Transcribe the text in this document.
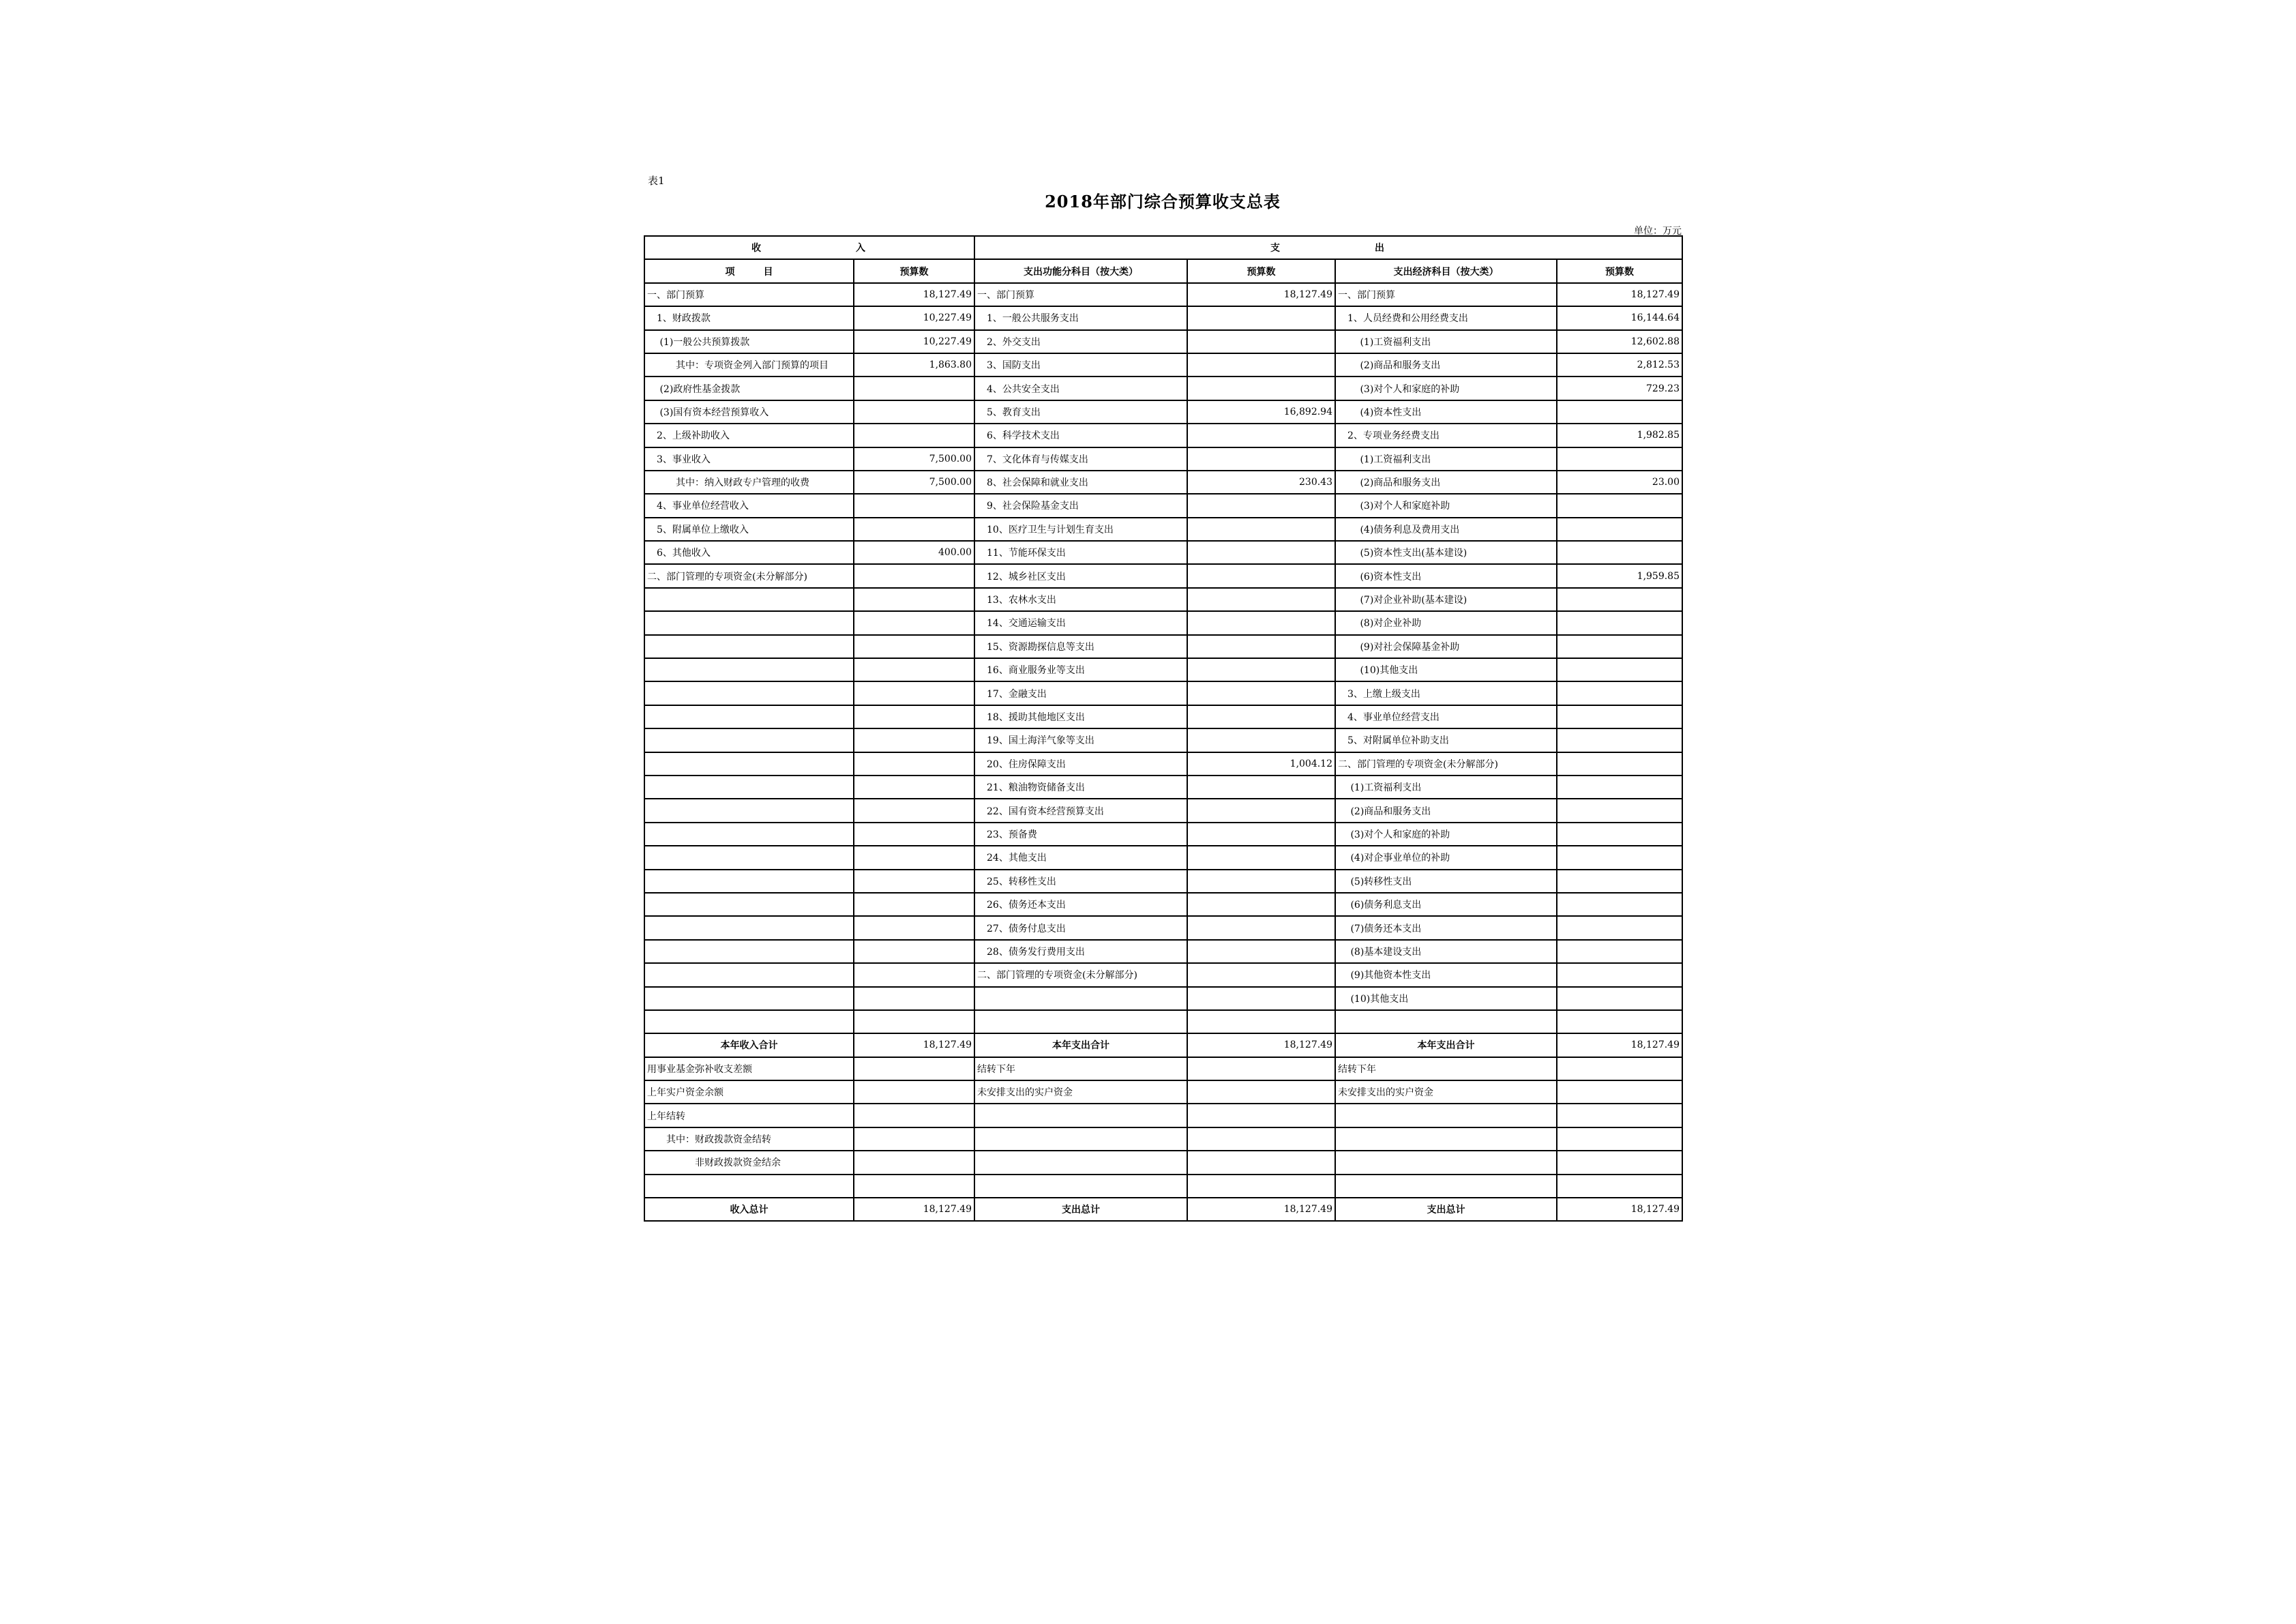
表1
2018年部门综合预算收支总表
单位：万元
收　　　　　　　　入		支　　　　　　　　出			
项　　　目	预算数	支出功能分科目（按大类）	预算数	支出经济科目（按大类）	预算数
一、部门预算	18,127.49	一、部门预算	18,127.49	一、部门预算	18,127.49
　1、财政拨款	10,227.49	　1、一般公共服务支出		　1、人员经费和公用经费支出	16,144.64
　 (1)一般公共预算拨款	10,227.49	　2、外交支出		　　 (1)工资福利支出	12,602.88
　　　其中：专项资金列入部门预算的项目	1,863.80	　3、国防支出		　　 (2)商品和服务支出	2,812.53
　 (2)政府性基金拨款		　4、公共安全支出		　　 (3)对个人和家庭的补助	729.23
　 (3)国有资本经营预算收入		　5、教育支出	16,892.94	　　 (4)资本性支出	
　2、上级补助收入		　6、科学技术支出		　2、专项业务经费支出	1,982.85
　3、事业收入	7,500.00	　7、文化体育与传媒支出		　　 (1)工资福利支出	
　　　其中：纳入财政专户管理的收费	7,500.00	　8、社会保障和就业支出	230.43	　　 (2)商品和服务支出	23.00
　4、事业单位经营收入		　9、社会保险基金支出		　　 (3)对个人和家庭补助	
　5、附属单位上缴收入		　10、医疗卫生与计划生育支出		　　 (4)债务利息及费用支出	
　6、其他收入	400.00	　11、节能环保支出		　　 (5)资本性支出(基本建设)	
二、部门管理的专项资金(未分解部分)		　12、城乡社区支出		　　 (6)资本性支出	1,959.85
		　13、农林水支出		　　 (7)对企业补助(基本建设)	
		　14、交通运输支出		　　 (8)对企业补助	
		　15、资源勘探信息等支出		　　 (9)对社会保障基金补助	
		　16、商业服务业等支出		　　 (10)其他支出	
		　17、金融支出		　3、上缴上级支出	
		　18、援助其他地区支出		　4、事业单位经营支出	
		　19、国土海洋气象等支出		　5、对附属单位补助支出	
		　20、住房保障支出	1,004.12	二、部门管理的专项资金(未分解部分)	
		　21、粮油物资储备支出		　 (1)工资福利支出	
		　22、国有资本经营预算支出		　 (2)商品和服务支出	
		　23、预备费		　 (3)对个人和家庭的补助	
		　24、其他支出		　 (4)对企事业单位的补助	
		　25、转移性支出		　 (5)转移性支出	
		　26、债务还本支出		　 (6)债务利息支出	
		　27、债务付息支出		　 (7)债务还本支出	
		　28、债务发行费用支出		　 (8)基本建设支出	
		二、部门管理的专项资金(未分解部分)		　 (9)其他资本性支出	
				　 (10)其他支出	

本年收入合计	18,127.49	本年支出合计	18,127.49	本年支出合计	18,127.49
用事业基金弥补收支差额		结转下年		结转下年	
上年实户资金余额		未安排支出的实户资金		未安排支出的实户资金	
上年结转					
　　其中：财政拨款资金结转					
　　　　　非财政拨款资金结余					

收入总计	18,127.49	支出总计	18,127.49	支出总计	18,127.49
